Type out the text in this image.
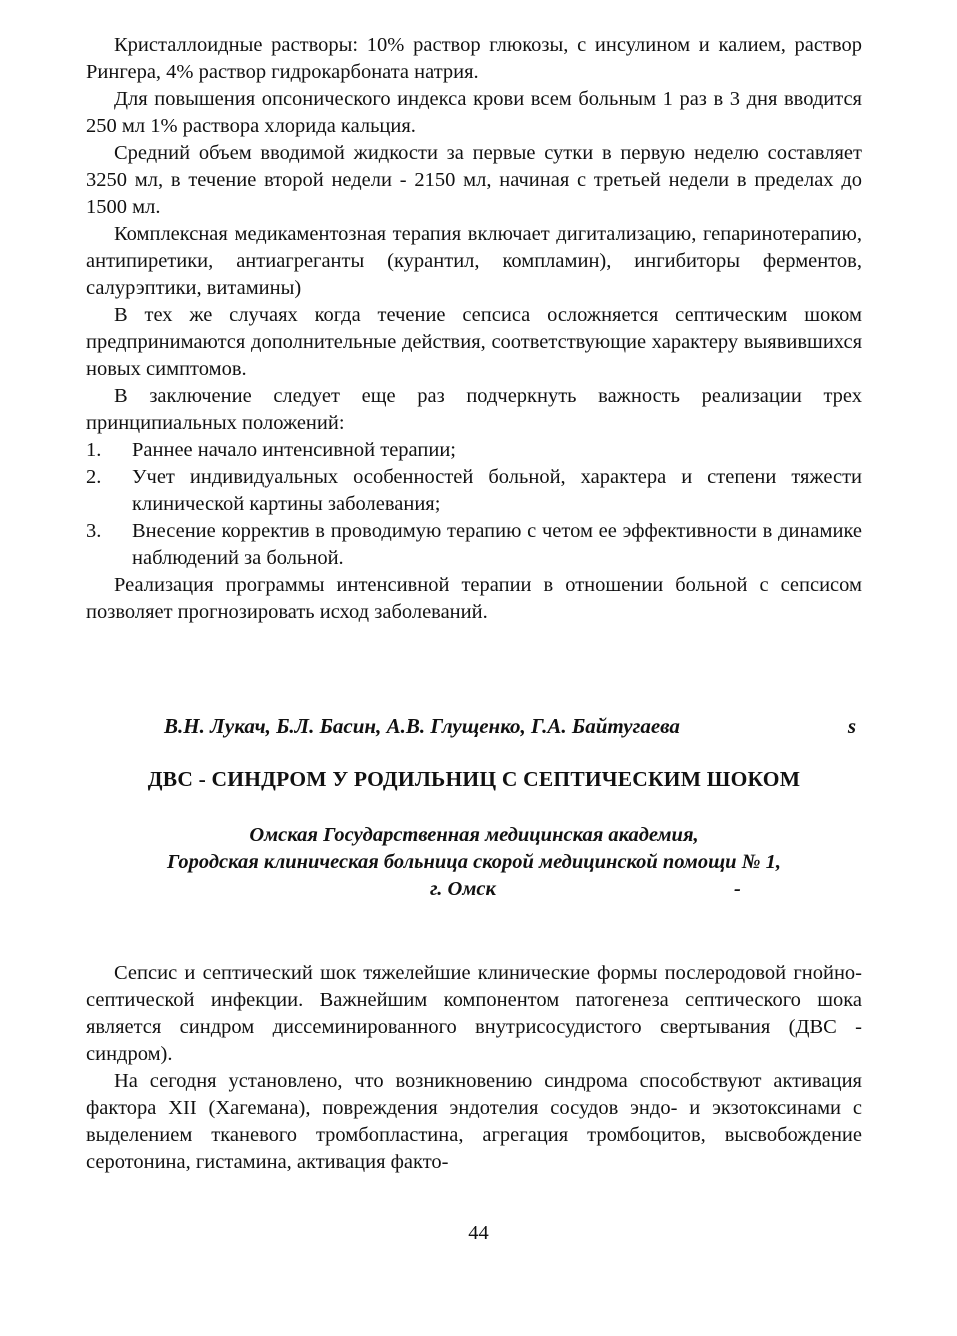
Кристаллоидные растворы: 10% раствор глюкозы, с инсулином и калием, раствор Рингера, 4% раствор гидрокарбоната натрия.

Для повышения опсонического индекса крови всем больным 1 раз в 3 дня вводится 250 мл 1% раствора хлорида кальция.

Средний объем вводимой жидкости за первые сутки в первую неделю составляет 3250 мл, в течение второй недели - 2150 мл, начиная с третьей недели в пределах до 1500 мл.

Комплексная медикаментозная терапия включает дигитализацию, гепаринотерапию, антипиретики, антиагреганты (курантил, компламин), ингибиторы ферментов, салурэптики, витамины)

В тех же случаях когда течение сепсиса осложняется септическим шоком предпринимаются дополнительные действия, соответствующие характеру выявившихся новых симптомов.

В заключение следует еще раз подчеркнуть важность реализации трех принципиальных положений:

1.	Раннее начало интенсивной терапии;
2.	Учет индивидуальных особенностей больной, характера и степени тяжести клинической картины заболевания;
3.	Внесение корректив в проводимую терапию с четом ее эффективности в динамике наблюдений за больной.

Реализация программы интенсивной терапии в отношении больной с сепсисом позволяет прогнозировать исход заболеваний.

В.Н. Лукач, Б.Л. Басин, А.В. Глущенко, Г.А. Байтугаева	s
ДВС - СИНДРОМ У РОДИЛЬНИЦ С СЕПТИЧЕСКИМ ШОКОМ

Омская Государственная медицинская академия,

Городская клиническая больница скорой медицинской помощи № 1,

г. Омск	-

Сепсис и септический шок тяжелейшие клинические формы послеродовой гнойно-септической инфекции. Важнейшим компонентом патогенеза септического шока является синдром диссеминированного внутрисосудистого свертывания (ДВС - синдром).

На сегодня установлено, что возникновению синдрома способствуют активация фактора XII (Хагемана), повреждения эндотелия сосудов эндо- и экзотоксинами с выделением тканевого тромбопластина, агрегация тромбоцитов, высвобождение серотонина, гистамина, активация факто-

44
